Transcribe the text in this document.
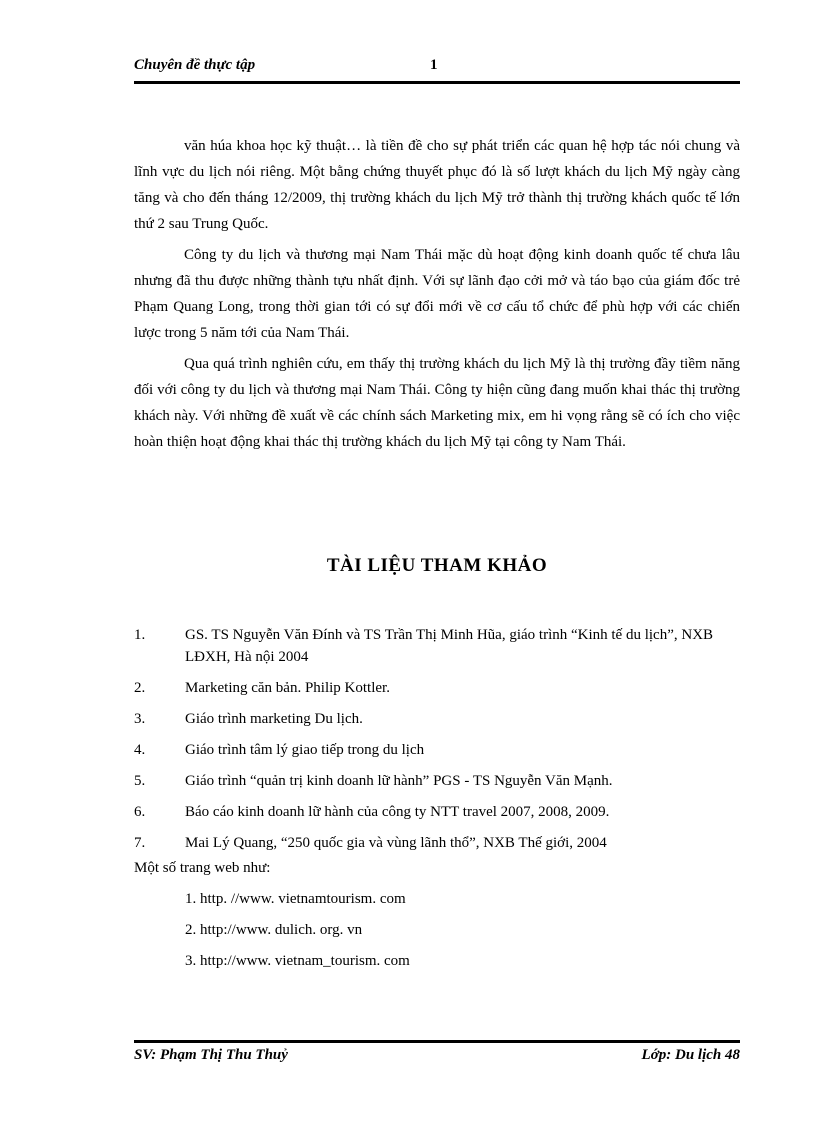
Chuyên đề thực tập	1

văn húa khoa học kỹ thuật… là tiền đề cho sự phát triển các quan hệ hợp tác nói chung và lĩnh vực du lịch nói riêng. Một bằng chứng thuyết phục đó là số lượt khách du lịch Mỹ ngày càng tăng và cho đến tháng 12/2009, thị trường khách du lịch Mỹ trở thành thị trường khách quốc tế lớn thứ 2 sau Trung Quốc.

Công ty du lịch và thương mại Nam Thái mặc dù hoạt động kinh doanh quốc tế chưa lâu nhưng đã thu được những thành tựu nhất định. Với sự lãnh đạo cởi mở và táo bạo của giám đốc trẻ Phạm Quang Long, trong thời gian tới có sự đổi mới về cơ cấu tổ chức để phù hợp với các chiến lược trong 5 năm tới của Nam Thái.

Qua quá trình nghiên cứu, em thấy thị trường khách du lịch Mỹ là thị trường đầy tiềm năng đối với công ty du lịch và thương mại Nam Thái. Công ty hiện cũng đang muốn khai thác thị trường khách này. Với những đề xuất về các chính sách Marketing mix, em hi vọng rằng sẽ có ích cho việc hoàn thiện hoạt động khai thác thị trường khách du lịch Mỹ tại công ty Nam Thái.

TÀI LIỆU THAM KHẢO
1.	GS. TS Nguyễn Văn Đính và TS Trần Thị Minh Hũa, giáo trình “Kinh tế du lịch”, NXB LĐXH, Hà nội 2004
2.	Marketing căn bản. Philip Kottler.
3.	Giáo trình marketing Du lịch.
4.	Giáo trình tâm lý giao tiếp trong du lịch
5.	Giáo trình “quản trị kinh doanh lữ hành” PGS - TS Nguyễn Văn Mạnh.
6.	Báo cáo kinh doanh lữ hành của công ty NTT travel 2007, 2008, 2009.
7.	Mai Lý Quang, “250 quốc gia và vùng lãnh thổ”, NXB Thế giới, 2004
Một số trang web như:
1. http. //www. vietnamtourism. com
2. http://www. dulich. org. vn
3. http://www. vietnam_tourism. com
SV: Phạm Thị Thu Thuỷ	Lớp: Du lịch 48
